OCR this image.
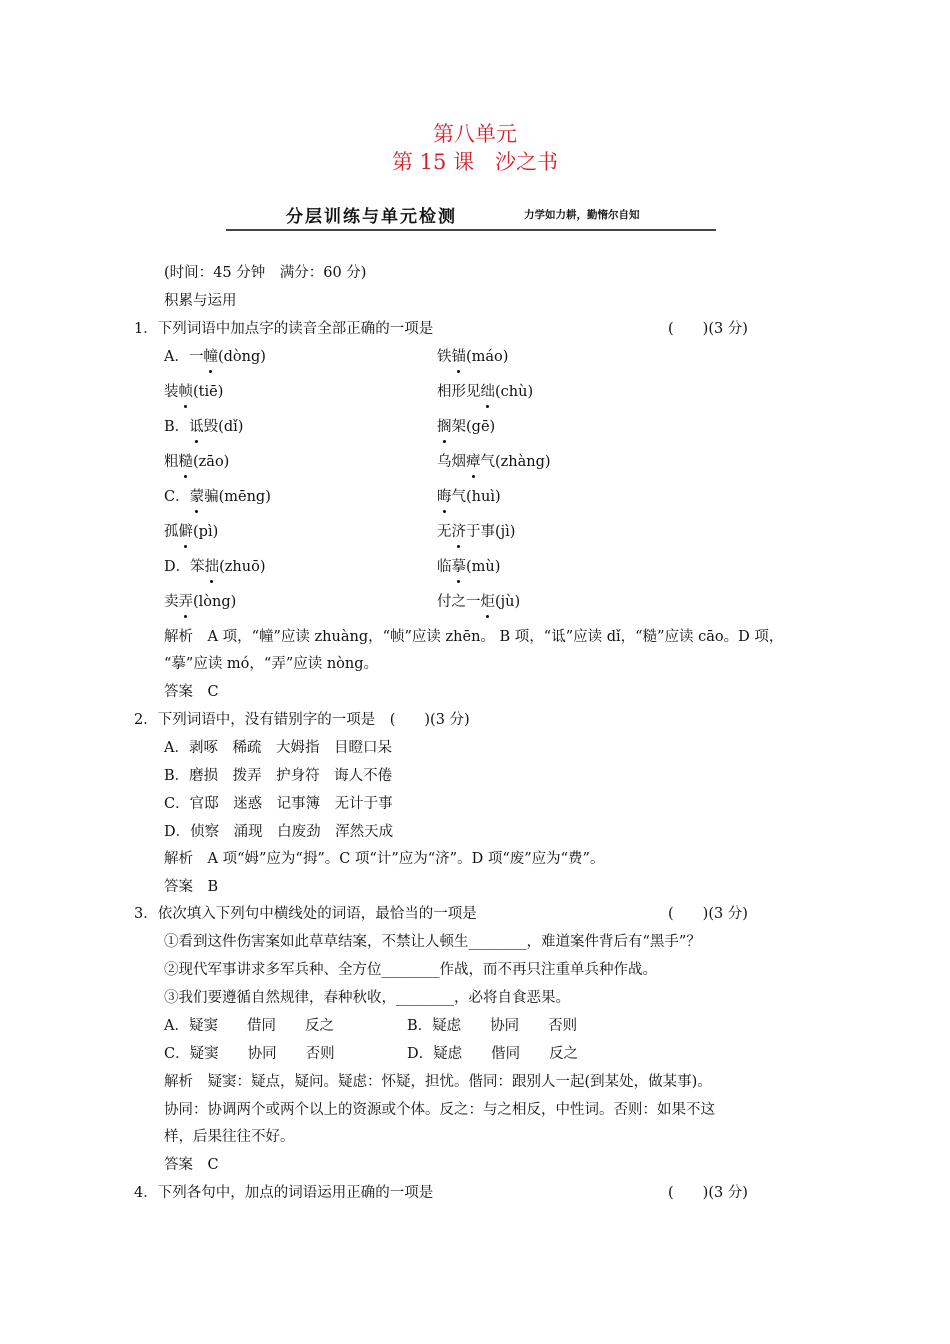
第八单元
第 15 课　沙之书
分层训练与单元检测	力学如力耕，勤惰尔自知
(时间：45 分钟　满分：60 分)
积累与运用
1．下列词语中加点字的读音全部正确的一项是	(　　)(3 分)
A．一幢(dòng)	铁锚(máo)
装帧(tiē)	相形见绌(chù)
B．诋毁(dǐ)	搁架(gē)
粗糙(zāo)	乌烟瘴气(zhàng)
C．蒙骗(mēng)	晦气(huì)
孤僻(pì)	无济于事(jì)
D．笨拙(zhuō)	临摹(mù)
卖弄(lòng)	付之一炬(jù)
解析　A 项，“幢”应读 zhuàng，“帧”应读 zhēn。 B 项，“诋”应读 dǐ，“糙”应读 cāo。D 项，
“摹”应读 mó，“弄”应读 nòng。
答案　C
2．下列词语中，没有错别字的一项是　(　　)(3 分)
A．剥啄　稀疏　大姆指　目瞪口呆
B．磨损　拨弄　护身符　诲人不倦
C．官邸　迷惑　记事簿　无计于事
D．侦察　涌现　白废劲　浑然天成
解析　A 项“姆”应为“拇”。C 项“计”应为“济”。D 项“废”应为“费”。
答案　B
3．依次填入下列句中横线处的词语，最恰当的一项是	(　　)(3 分)
①看到这件伤害案如此草草结案，不禁让人顿生________，难道案件背后有“黑手”？
②现代军事讲求多军兵种、全方位________作战，而不再只注重单兵种作战。
③我们要遵循自然规律，春种秋收，________，必将自食恶果。
A．疑窦　　借同　　反之	B．疑虑　　协同　　否则
C．疑窦　　协同　　否则	D．疑虑　　偕同　　反之
解析　疑窦：疑点，疑问。疑虑：怀疑，担忧。偕同：跟别人一起(到某处，做某事)。
协同：协调两个或两个以上的资源或个体。反之：与之相反，中性词。否则：如果不这
样，后果往往不好。
答案　C
4．下列各句中，加点的词语运用正确的一项是	(　　)(3 分)
